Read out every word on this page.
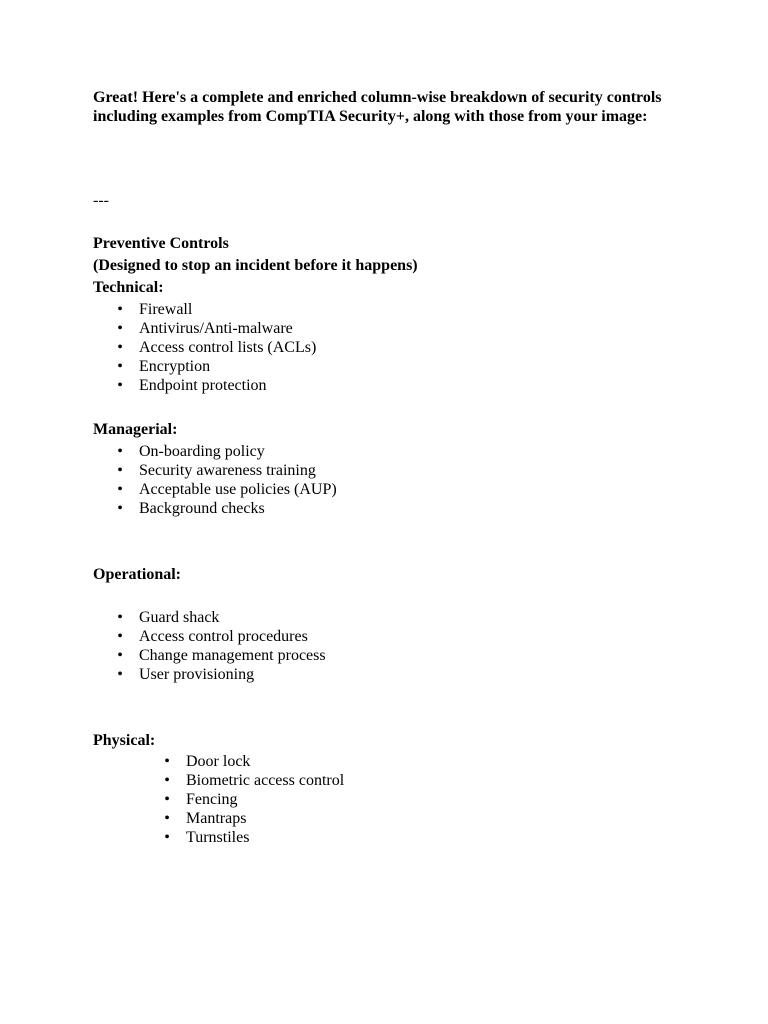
Great! Here's a complete and enriched column-wise breakdown of security controls including examples from CompTIA Security+, along with those from your image:

---

Preventive Controls

(Designed to stop an incident before it happens)

Technical:

• Firewall
• Antivirus/Anti-malware
• Access control lists (ACLs)
• Encryption
• Endpoint protection

Managerial:

• On-boarding policy
• Security awareness training
• Acceptable use policies (AUP)
• Background checks

Operational:

• Guard shack
• Access control procedures
• Change management process
• User provisioning

Physical:

• Door lock
• Biometric access control
• Fencing
• Mantraps
• Turnstiles
